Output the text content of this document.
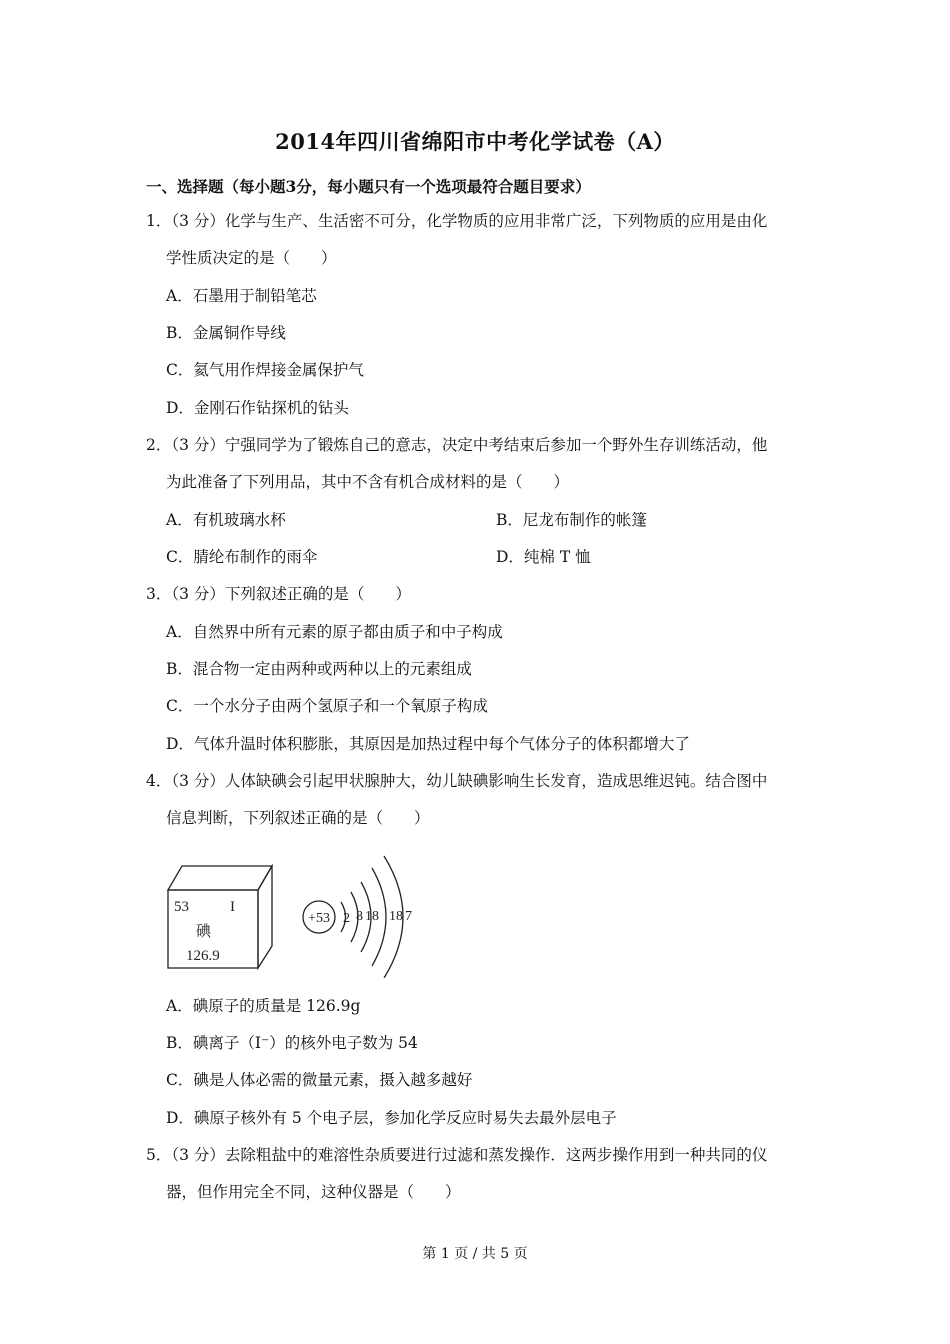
2014年四川省绵阳市中考化学试卷（A）
一、选择题（每小题3分，每小题只有一个选项最符合题目要求）
1．（3 分）化学与生产、生活密不可分，化学物质的应用非常广泛，下列物质的应用是由化
学性质决定的是（　　）
A．石墨用于制铅笔芯
B．金属铜作导线
C．氦气用作焊接金属保护气
D．金刚石作钻探机的钻头
2．（3 分）宁强同学为了锻炼自己的意志，决定中考结束后参加一个野外生存训练活动，他
为此准备了下列用品，其中不含有机合成材料的是（　　）
A．有机玻璃水杯	B．尼龙布制作的帐篷
C．腈纶布制作的雨伞	D．纯棉 T 恤
3．（3 分）下列叙述正确的是（　　）
A．自然界中所有元素的原子都由质子和中子构成
B．混合物一定由两种或两种以上的元素组成
C．一个水分子由两个氢原子和一个氧原子构成
D．气体升温时体积膨胀，其原因是加热过程中每个气体分子的体积都增大了
4．（3 分）人体缺碘会引起甲状腺肿大，幼儿缺碘影响生长发育，造成思维迟钝。结合图中
信息判断，下列叙述正确的是（　　）
53	I
碘
126.9
+53 2 8 18 18 7
A．碘原子的质量是 126.9g
B．碘离子（I⁻）的核外电子数为 54
C．碘是人体必需的微量元素，摄入越多越好
D．碘原子核外有 5 个电子层，参加化学反应时易失去最外层电子
5．（3 分）去除粗盐中的难溶性杂质要进行过滤和蒸发操作．这两步操作用到一种共同的仪
器，但作用完全不同，这种仪器是（　　）
第 1 页 / 共 5 页
